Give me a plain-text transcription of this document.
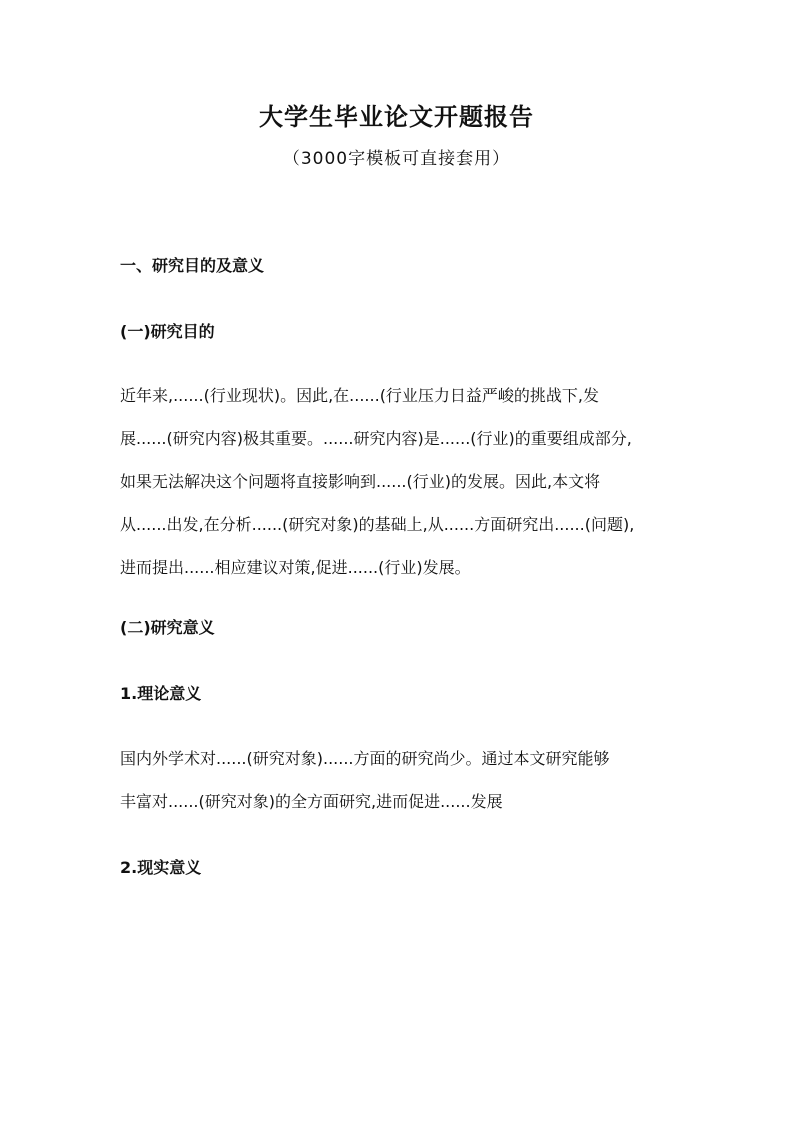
大学生毕业论文开题报告
（3000字模板可直接套用）
一、研究目的及意义
(一)研究目的
近年来,......(行业现状)。因此,在......(行业压力日益严峻的挑战下,发
展......(研究内容)极其重要。......研究内容)是......(行业)的重要组成部分,
如果无法解决这个问题将直接影响到......(行业)的发展。因此,本文将
从......出发,在分析......(研究对象)的基础上,从......方面研究出......(问题),
进而提出......相应建议对策,促进......(行业)发展。
(二)研究意义
1.理论意义
国内外学术对......(研究对象)......方面的研究尚少。通过本文研究能够
丰富对......(研究对象)的全方面研究,进而促进......发展
2.现实意义
